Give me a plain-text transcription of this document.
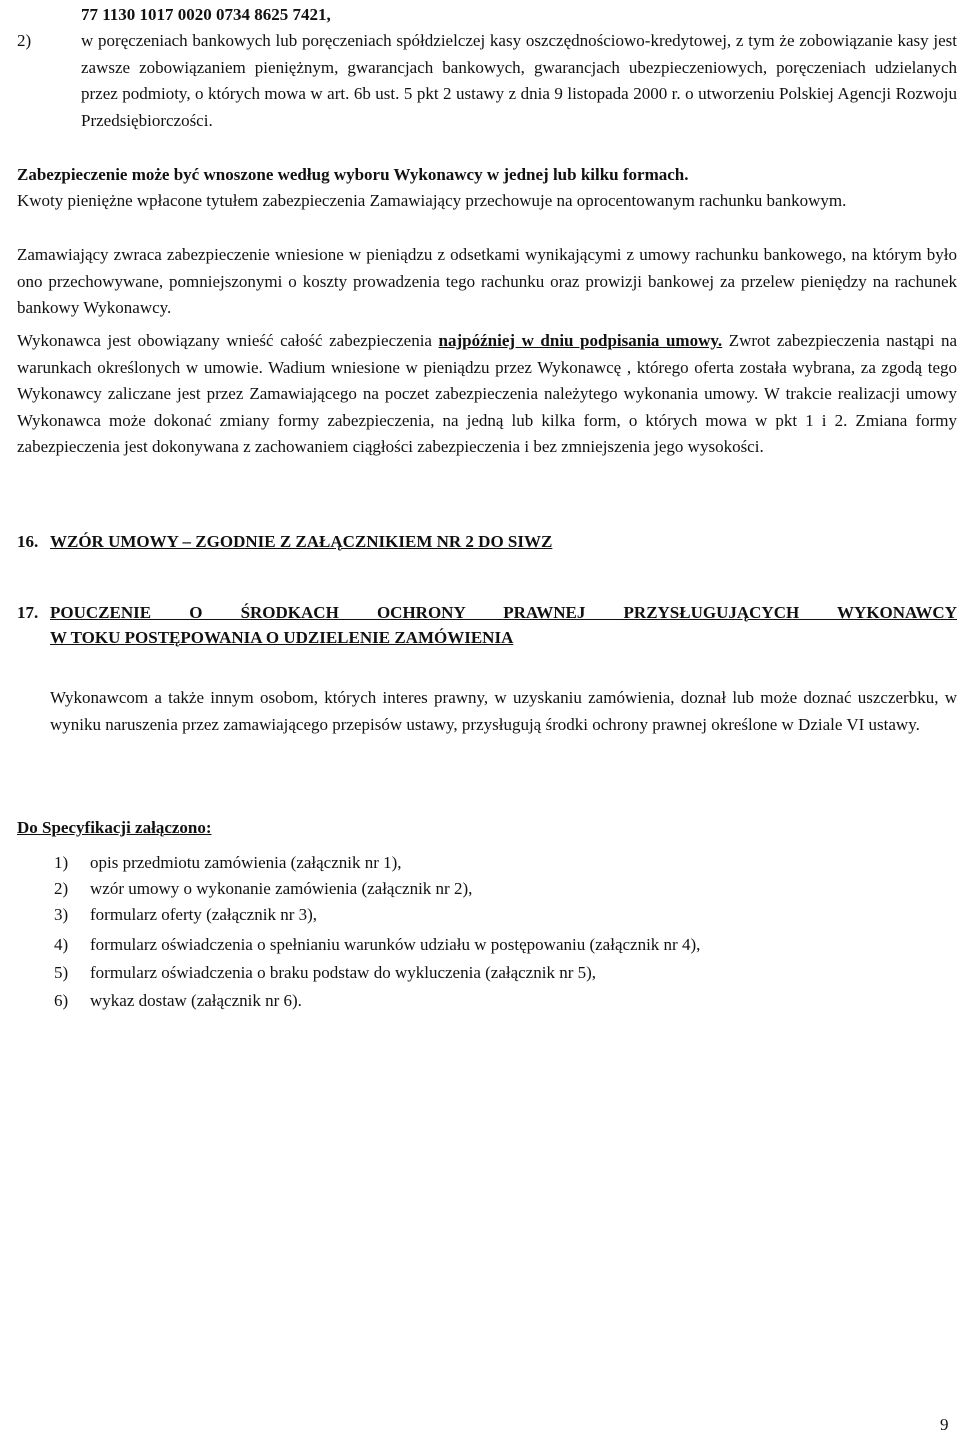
77 1130 1017 0020 0734 8625 7421,
2)	w poręczeniach bankowych lub poręczeniach spółdzielczej kasy oszczędnościowo-kredytowej, z tym że zobowiązanie kasy jest zawsze zobowiązaniem pieniężnym, gwarancjach bankowych, gwarancjach ubezpieczeniowych, poręczeniach udzielanych przez podmioty, o których mowa w art. 6b ust. 5 pkt 2 ustawy z dnia 9 listopada 2000 r. o utworzeniu Polskiej Agencji Rozwoju Przedsiębiorczości.
Zabezpieczenie może być wnoszone według wyboru Wykonawcy w jednej lub kilku formach.
Kwoty pieniężne wpłacone tytułem zabezpieczenia Zamawiający przechowuje na oprocentowanym rachunku bankowym.
Zamawiający zwraca zabezpieczenie wniesione w pieniądzu z odsetkami wynikającymi z umowy rachunku bankowego, na którym było ono przechowywane, pomniejszonymi o koszty prowadzenia tego rachunku oraz prowizji bankowej za przelew pieniędzy na rachunek bankowy Wykonawcy.
Wykonawca jest obowiązany wnieść całość zabezpieczenia najpóźniej w dniu podpisania umowy. Zwrot zabezpieczenia nastąpi na warunkach określonych w umowie. Wadium wniesione w pieniądzu przez Wykonawcę , którego oferta została wybrana, za zgodą tego Wykonawcy zaliczane jest przez Zamawiającego na poczet zabezpieczenia należytego wykonania umowy. W trakcie realizacji umowy Wykonawca może dokonać zmiany formy zabezpieczenia, na jedną lub kilka form, o których mowa w pkt 1 i 2. Zmiana formy zabezpieczenia jest dokonywana z zachowaniem ciągłości zabezpieczenia i bez zmniejszenia jego wysokości.
16. WZÓR UMOWY – ZGODNIE Z ZAŁĄCZNIKIEM NR 2 DO SIWZ
17. POUCZENIE O ŚRODKACH OCHRONY PRAWNEJ PRZYSŁUGUJĄCYCH WYKONAWCY
W TOKU POSTĘPOWANIA O UDZIELENIE ZAMÓWIENIA
Wykonawcom a także innym osobom, których interes prawny, w uzyskaniu zamówienia, doznał lub może doznać uszczerbku, w wyniku naruszenia przez zamawiającego przepisów ustawy, przysługują środki ochrony prawnej określone w Dziale VI ustawy.
Do Specyfikacji załączono:
1) opis przedmiotu zamówienia (załącznik nr 1),
2) wzór umowy o wykonanie zamówienia (załącznik nr 2),
3) formularz oferty (załącznik nr 3),
4) formularz oświadczenia o spełnianiu warunków udziału w postępowaniu (załącznik nr 4),
5) formularz oświadczenia o braku podstaw do wykluczenia (załącznik nr 5),
6) wykaz dostaw (załącznik nr 6).
9
